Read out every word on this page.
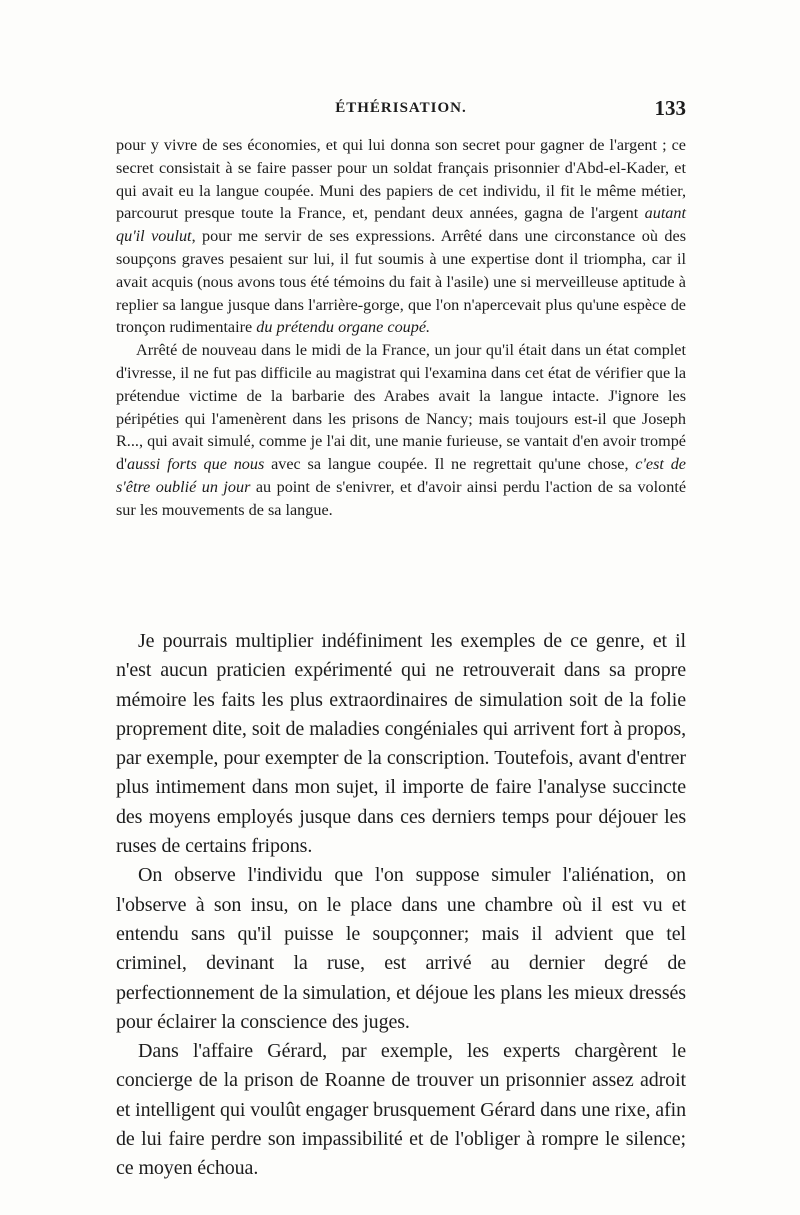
ÉTHÉRISATION.	133

pour y vivre de ses économies, et qui lui donna son secret pour gagner de l'argent ; ce secret consistait à se faire passer pour un soldat français prisonnier d'Abd-el-Kader, et qui avait eu la langue coupée. Muni des papiers de cet individu, il fit le même métier, parcourut presque toute la France, et, pendant deux années, gagna de l'argent autant qu'il voulut, pour me servir de ses expressions. Arrêté dans une circonstance où des soupçons graves pesaient sur lui, il fut soumis à une expertise dont il triompha, car il avait acquis (nous avons tous été témoins du fait à l'asile) une si merveilleuse aptitude à replier sa langue jusque dans l'arrière-gorge, que l'on n'apercevait plus qu'une espèce de tronçon rudimentaire du prétendu organe coupé.

Arrêté de nouveau dans le midi de la France, un jour qu'il était dans un état complet d'ivresse, il ne fut pas difficile au magistrat qui l'examina dans cet état de vérifier que la prétendue victime de la barbarie des Arabes avait la langue intacte. J'ignore les péripéties qui l'amenèrent dans les prisons de Nancy; mais toujours est-il que Joseph R..., qui avait simulé, comme je l'ai dit, une manie furieuse, se vantait d'en avoir trompé d'aussi forts que nous avec sa langue coupée. Il ne regrettait qu'une chose, c'est de s'être oublié un jour au point de s'enivrer, et d'avoir ainsi perdu l'action de sa volonté sur les mouvements de sa langue.

Je pourrais multiplier indéfiniment les exemples de ce genre, et il n'est aucun praticien expérimenté qui ne retrouverait dans sa propre mémoire les faits les plus extraordinaires de simulation soit de la folie proprement dite, soit de maladies congéniales qui arrivent fort à propos, par exemple, pour exempter de la conscription. Toutefois, avant d'entrer plus intimement dans mon sujet, il importe de faire l'analyse succincte des moyens employés jusque dans ces derniers temps pour déjouer les ruses de certains fripons.

On observe l'individu que l'on suppose simuler l'aliénation, on l'observe à son insu, on le place dans une chambre où il est vu et entendu sans qu'il puisse le soupçonner; mais il advient que tel criminel, devinant la ruse, est arrivé au dernier degré de perfectionnement de la simulation, et déjoue les plans les mieux dressés pour éclairer la conscience des juges.

Dans l'affaire Gérard, par exemple, les experts chargèrent le concierge de la prison de Roanne de trouver un prisonnier assez adroit et intelligent qui voulût engager brusquement Gérard dans une rixe, afin de lui faire perdre son impassibilité et de l'obliger à rompre le silence; ce moyen échoua.
